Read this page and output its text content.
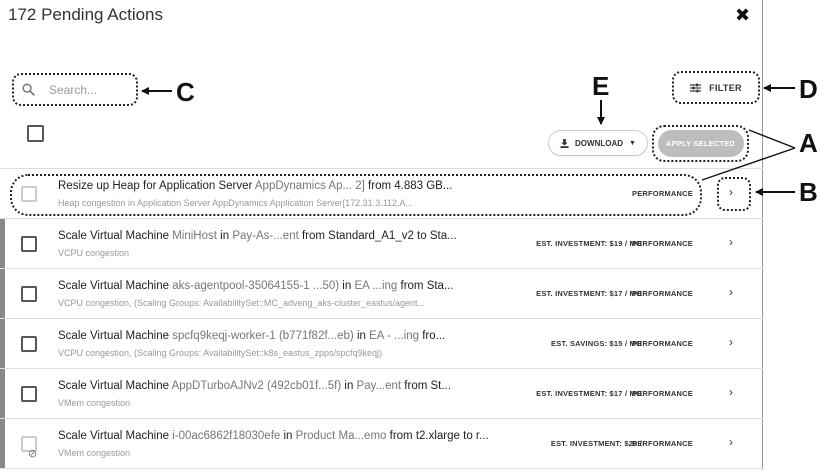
172 Pending Actions	✖
Search...
FILTER
DOWNLOAD ▼	APPLY SELECTED
Resize up Heap for Application Server AppDynamics Ap... 2] from 4.883 GB...
Heap congestion in Application Server AppDynamics Application Server[172.31.3.112,A...
PERFORMANCE	›
Scale Virtual Machine MiniHost in Pay-As-...ent from Standard_A1_v2 to Sta...
VCPU congestion
EST. INVESTMENT: $19 / MO
PERFORMANCE	›
Scale Virtual Machine aks-agentpool-35064155-1 ...50) in EA ...ing from Sta...
VCPU congestion, (Scaling Groups: AvailabilitySet::MC_adveng_aks-cluster_eastus/agent...
EST. INVESTMENT: $17 / MO
PERFORMANCE	›
Scale Virtual Machine spcfq9keqj-worker-1 (b771f82f...eb) in EA - ...ing fro...
VCPU congestion, (Scaling Groups: AvailabilitySet::k8s_eastus_zpps/spcfq9keqj)
EST. SAVINGS: $15 / MO
PERFORMANCE	›
Scale Virtual Machine AppDTurboAJNv2 (492cb01f...5f) in Pay...ent from St...
VMem congestion
EST. INVESTMENT: $17 / MO
PERFORMANCE	›
⊘
Scale Virtual Machine i-00ac6862f18030efe in Product Ma...emo from t2.xlarge to r...
VMem congestion
EST. INVESTMENT: $29 /
PERFORMANCE	›
C	D
E
A
B
